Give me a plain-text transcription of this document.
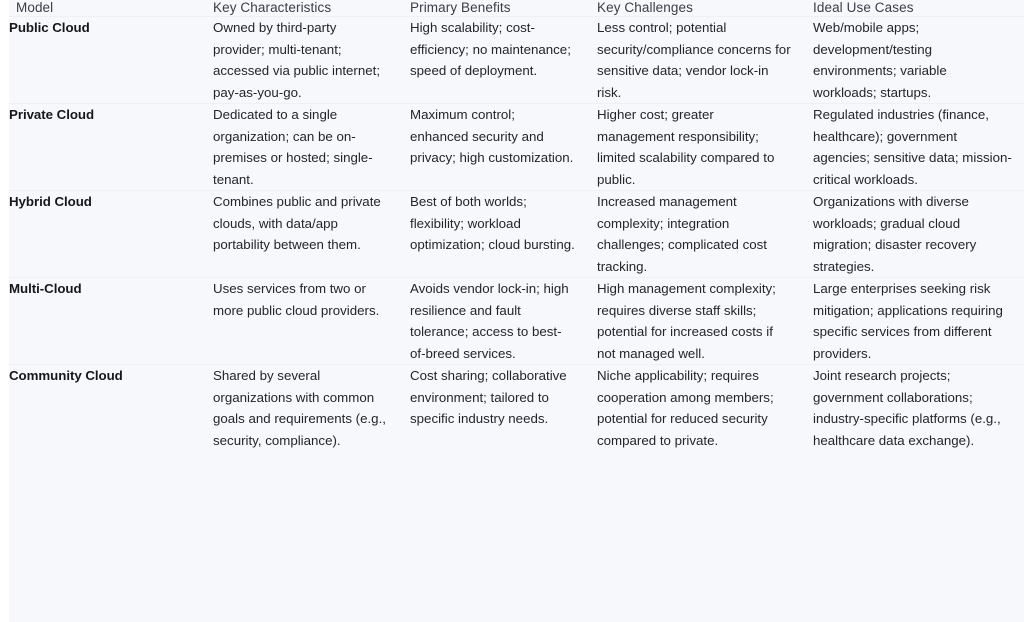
Model	Key Characteristics	Primary Benefits	Key Challenges	Ideal Use Cases
Public Cloud	Owned by third-party provider; multi-tenant; accessed via public internet; pay-as-you-go.	High scalability; cost-efficiency; no maintenance; speed of deployment.	Less control; potential security/compliance concerns for sensitive data; vendor lock-in risk.	Web/mobile apps; development/testing environments; variable workloads; startups.
Private Cloud	Dedicated to a single organization; can be on-premises or hosted; single-tenant.	Maximum control; enhanced security and privacy; high customization.	Higher cost; greater management responsibility; limited scalability compared to public.	Regulated industries (finance, healthcare); government agencies; sensitive data; mission-critical workloads.
Hybrid Cloud	Combines public and private clouds, with data/app portability between them.	Best of both worlds; flexibility; workload optimization; cloud bursting.	Increased management complexity; integration challenges; complicated cost tracking.	Organizations with diverse workloads; gradual cloud migration; disaster recovery strategies.
Multi-Cloud	Uses services from two or more public cloud providers.	Avoids vendor lock-in; high resilience and fault tolerance; access to best-of-breed services.	High management complexity; requires diverse staff skills; potential for increased costs if not managed well.	Large enterprises seeking risk mitigation; applications requiring specific services from different providers.
Community Cloud	Shared by several organizations with common goals and requirements (e.g., security, compliance).	Cost sharing; collaborative environment; tailored to specific industry needs.	Niche applicability; requires cooperation among members; potential for reduced security compared to private.	Joint research projects; government collaborations; industry-specific platforms (e.g., healthcare data exchange).
